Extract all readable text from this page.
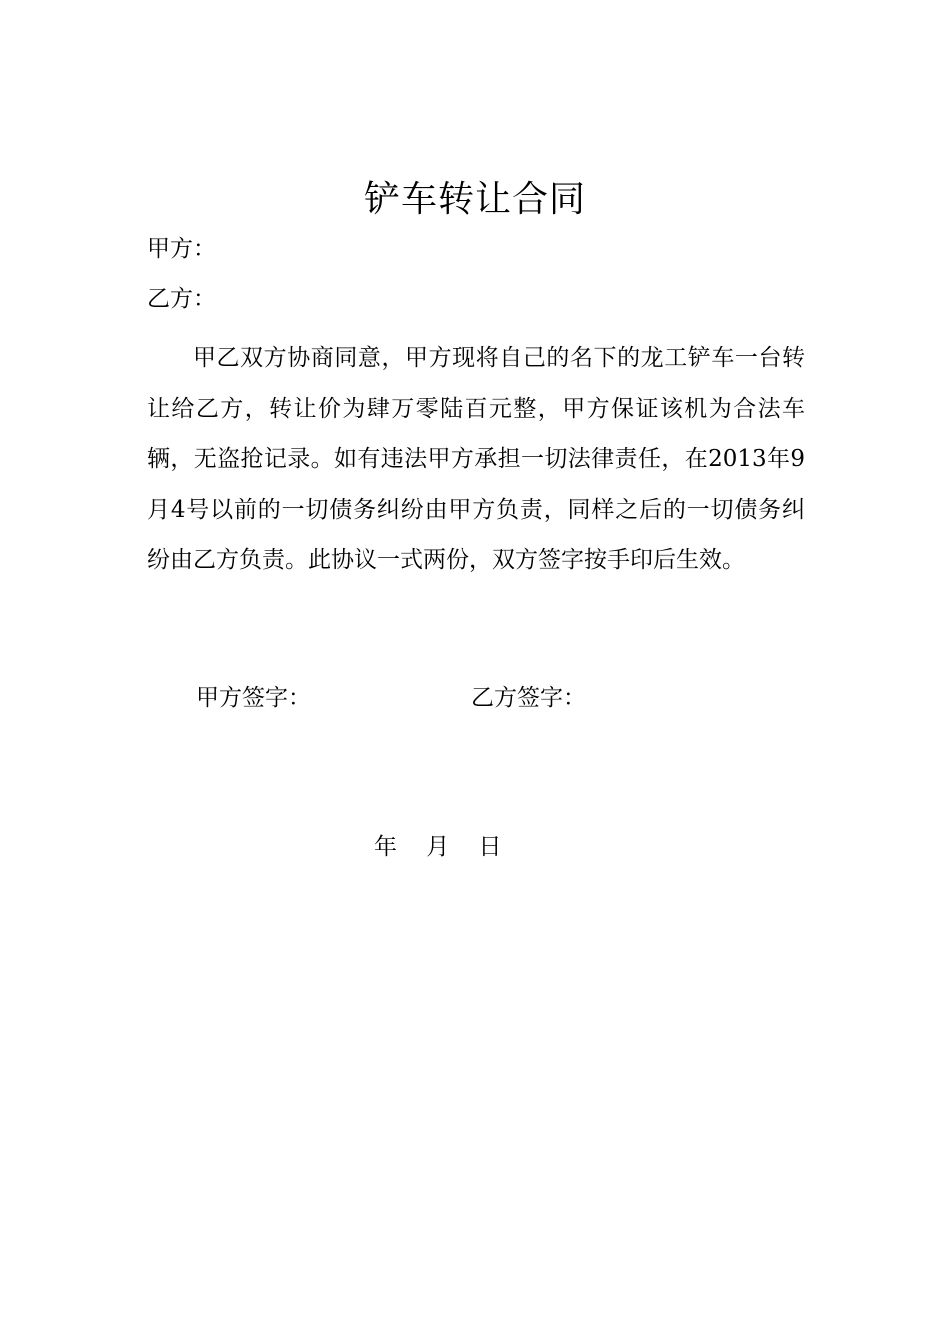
铲车转让合同
甲方：
乙方：

甲乙双方协商同意，甲方现将自己的名下的龙工铲车一台转让给乙方，转让价为肆万零陆百元整，甲方保证该机为合法车辆，无盗抢记录。如有违法甲方承担一切法律责任，在2013年9月4号以前的一切债务纠纷由甲方负责，同样之后的一切债务纠纷由乙方负责。此协议一式两份，双方签字按手印后生效。

甲方签字：	乙方签字：
年    月    日
